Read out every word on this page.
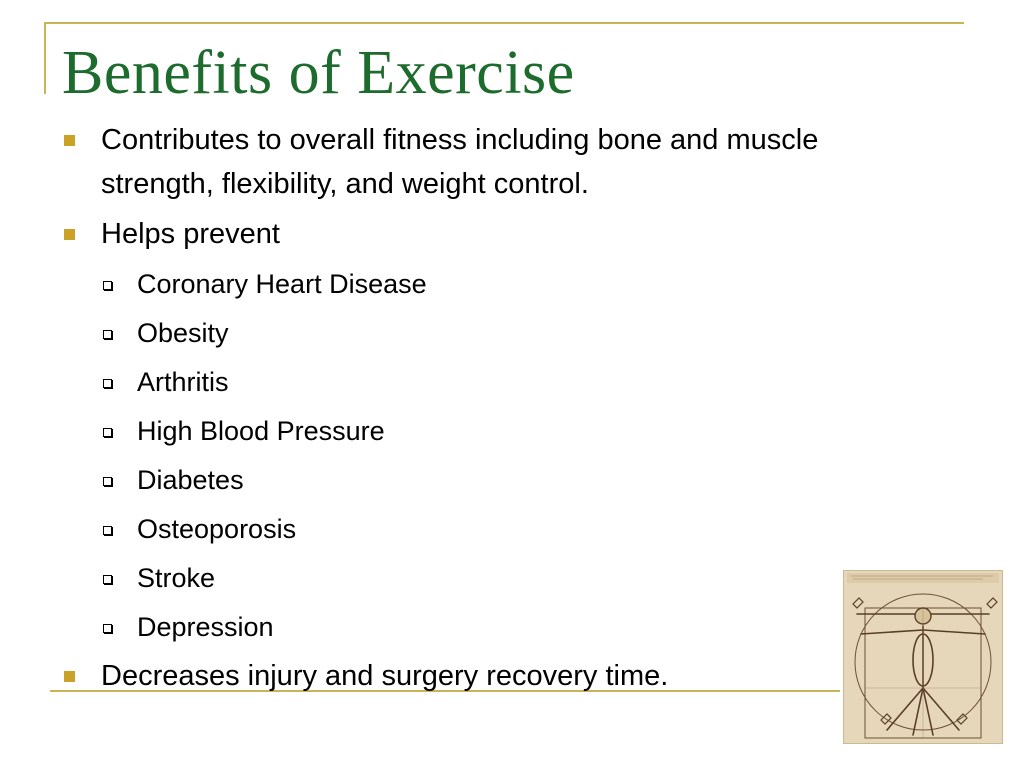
Benefits of Exercise
Contributes to overall fitness including bone and muscle strength, flexibility, and weight control.
Helps prevent
Coronary Heart Disease
Obesity
Arthritis
High Blood Pressure
Diabetes
Osteoporosis
Stroke
Depression
Decreases injury and surgery recovery time.
